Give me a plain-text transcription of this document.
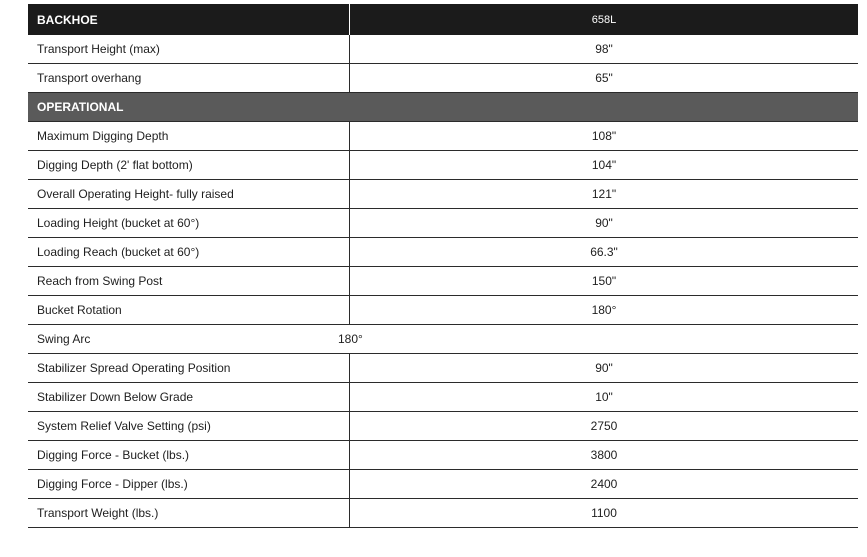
BACKHOE	658L
Transport Height (max)	98"
Transport overhang	65"
OPERATIONAL
Maximum Digging Depth	108"
Digging Depth (2' flat bottom)	104"
Overall Operating Height- fully raised	121"
Loading Height (bucket at 60°)	90"
Loading Reach (bucket at 60°)	66.3"
Reach from Swing Post	150"
Bucket Rotation	180°
Swing Arc	180°
Stabilizer Spread Operating Position	90"
Stabilizer Down Below Grade	10"
System Relief Valve Setting (psi)	2750
Digging Force - Bucket (lbs.)	3800
Digging Force - Dipper (lbs.)	2400
Transport Weight (lbs.)	1100
